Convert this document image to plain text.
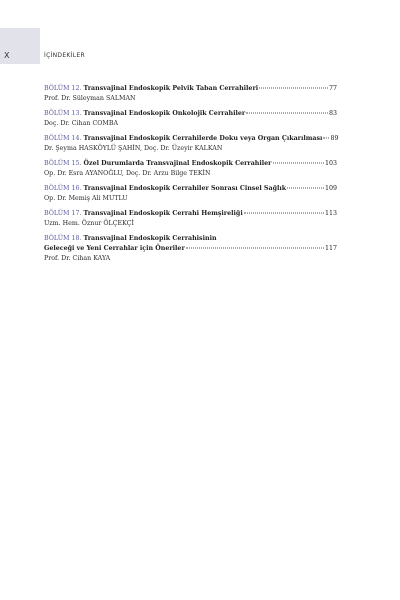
X	İÇİNDEKİLER
BÖLÜM 12. Transvajinal Endoskopik Pelvik Taban Cerrahileri	77
Prof. Dr. Süleyman SALMAN
BÖLÜM 13. Transvajinal Endoskopik Onkolojik Cerrahiler	83
Doç. Dr. Cihan COMBA
BÖLÜM 14. Transvajinal Endoskopik Cerrahilerde Doku veya Organ Çıkarılması 89
Dr. Şeyma HASKÖYLÜ ŞAHİN, Doç. Dr. Üzeyir KALKAN
BÖLÜM 15. Özel Durumlarda Transvajinal Endoskopik Cerrahiler	103
Op. Dr. Esra AYANOĞLU, Doç. Dr. Arzu Bilge TEKİN
BÖLÜM 16. Transvajinal Endoskopik Cerrahiler Sonrası Cinsel Sağlık	109
Op. Dr. Memiş Ali MUTLU
BÖLÜM 17. Transvajinal Endoskopik Cerrahi Hemşireliği	113
Uzm. Hem. Öznur ÖLÇEKÇİ
BÖLÜM 18. Transvajinal Endoskopik Cerrahisinin
Geleceği ve Yeni Cerrahlar için Öneriler	117
Prof. Dr. Cihan KAYA
